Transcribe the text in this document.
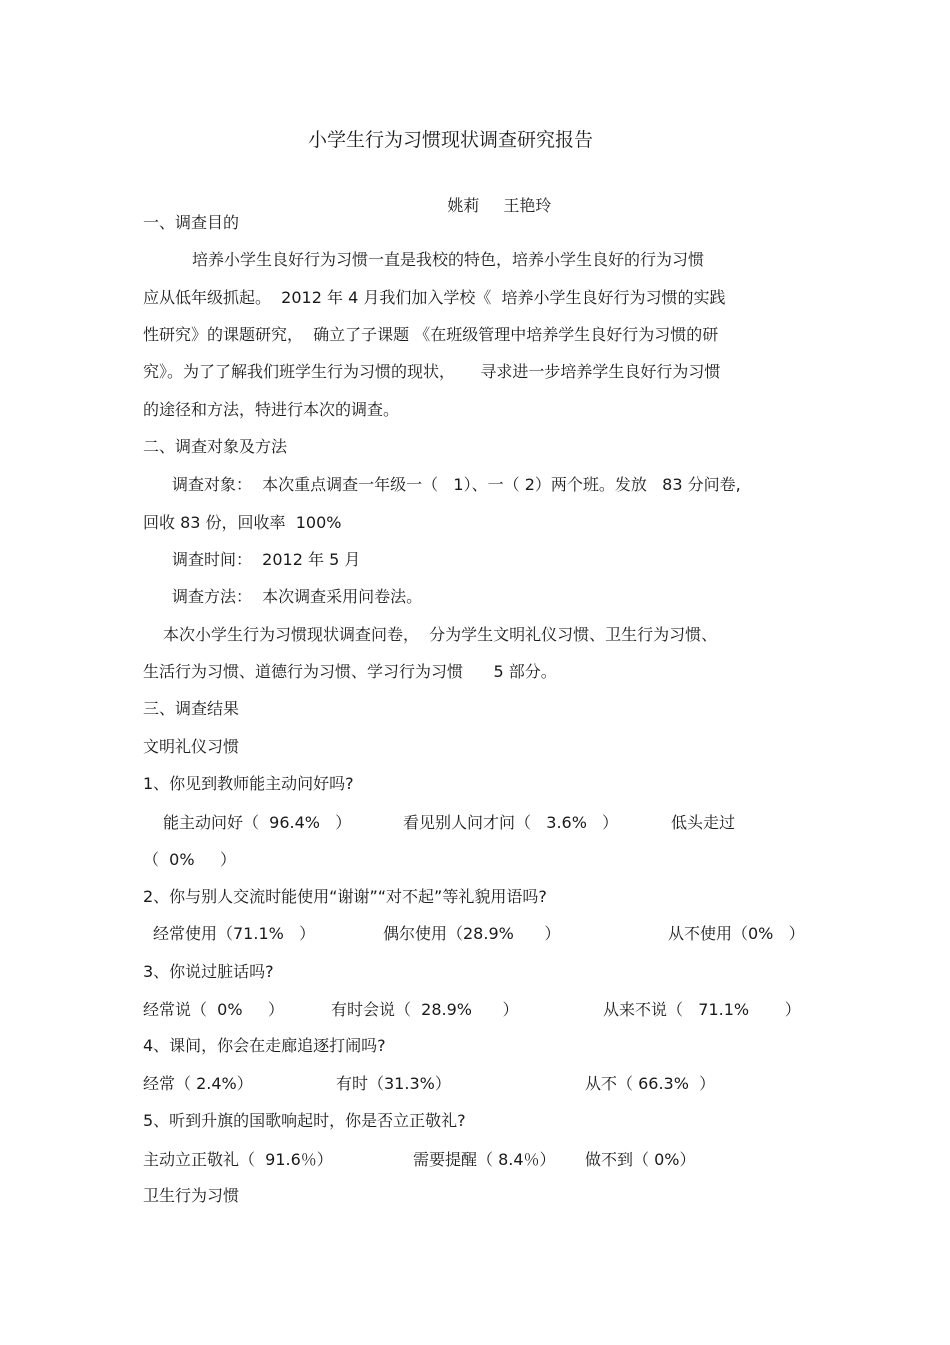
小学生行为习惯现状调查研究报告

姚莉 王艳玲

一、调查目的
培养小学生良好行为习惯一直是我校的特色，培养小学生良好的行为习惯
应从低年级抓起。  2012 年 4 月我们加入学校《  培养小学生良好行为习惯的实践
性研究》的课题研究，  确立了子课题 《在班级管理中培养学生良好行为习惯的研
究》。为了了解我们班学生行为习惯的现状，     寻求进一步培养学生良好行为习惯
的途径和方法，特进行本次的调查。
二、调查对象及方法
调查对象：  本次重点调查一年级一（   1）、一（ 2）两个班。发放   83 分问卷,
回收 83 份，回收率  100%
调查时间：  2012 年 5 月
调查方法：  本次调查采用问卷法。
本次小学生行为习惯现状调查问卷，  分为学生文明礼仪习惯、卫生行为习惯、
生活行为习惯、道德行为习惯、学习行为习惯      5 部分。
三、调查结果
文明礼仪习惯
1、你见到教师能主动问好吗?
能主动问好（  96.4%   ）	看见别人问才问（   3.6%   ）	低头走过
（  0%     ）
2、你与别人交流时能使用“谢谢”“对不起”等礼貌用语吗?
经常使用（71.1%   ）	偶尔使用（28.9%      ）	从不使用（0%   ）
3、你说过脏话吗?
经常说（  0%     ）	有时会说（  28.9%      ）	从来不说（   71.1%       ）
4、课间，你会在走廊追逐打闹吗?
经常（ 2.4%）	有时（31.3%）	从不（ 66.3%  ）
5、听到升旗的国歌响起时，你是否立正敬礼?
主动立正敬礼（  91.6％）	需要提醒（ 8.4％） 做不到（ 0%）
卫生行为习惯
